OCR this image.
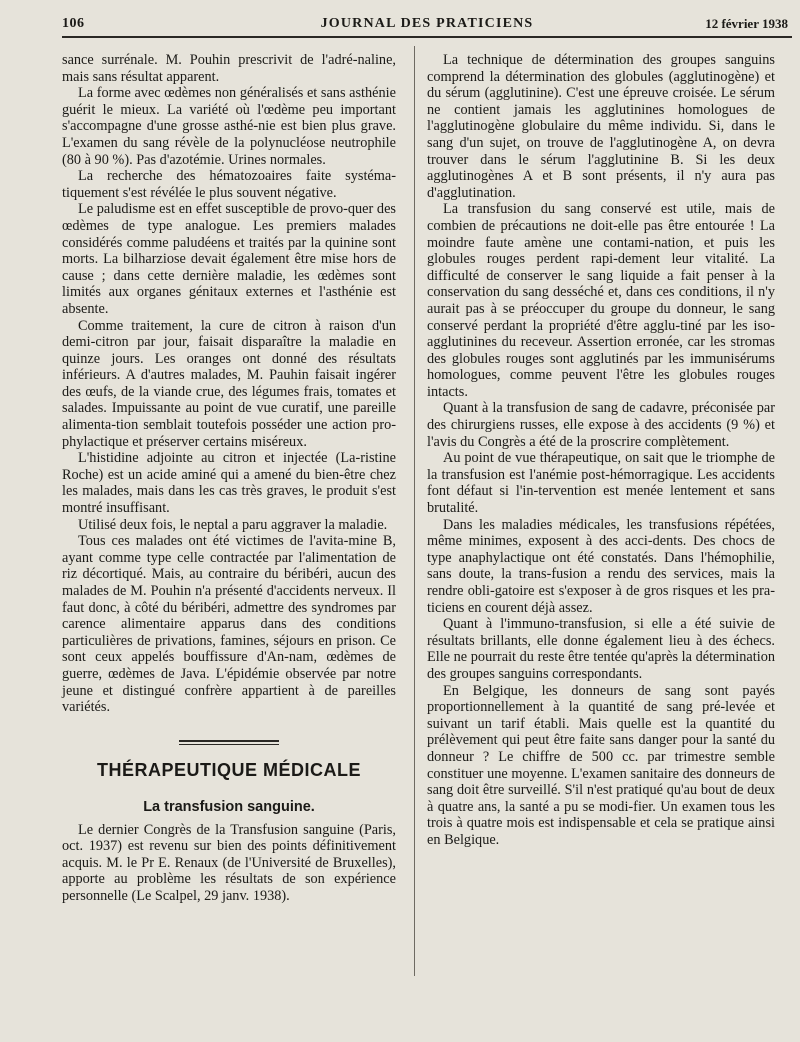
106	JOURNAL DES PRATICIENS	12 février 1938

sance surrénale. M. Pouhin prescrivit de l'adré-naline, mais sans résultat apparent.

La forme avec œdèmes non généralisés et sans asthénie guérit le mieux. La variété où l'œdème peu important s'accompagne d'une grosse asthé-nie est bien plus grave. L'examen du sang révèle de la polynucléose neutrophile (80 à 90 %). Pas d'azotémie. Urines normales.

La recherche des hématozoaires faite systéma-tiquement s'est révélée le plus souvent négative.

Le paludisme est en effet susceptible de provo-quer des œdèmes de type analogue. Les premiers malades considérés comme paludéens et traités par la quinine sont morts. La bilharziose devait également être mise hors de cause ; dans cette dernière maladie, les œdèmes sont limités aux organes génitaux externes et l'asthénie est absente.

Comme traitement, la cure de citron à raison d'un demi-citron par jour, faisait disparaître la maladie en quinze jours. Les oranges ont donné des résultats inférieurs. A d'autres malades, M. Pauhin faisait ingérer des œufs, de la viande crue, des légumes frais, tomates et salades. Impuissante au point de vue curatif, une pareille alimenta-tion semblait toutefois posséder une action pro-phylactique et préserver certains miséreux.

L'histidine adjointe au citron et injectée (La-ristine Roche) est un acide aminé qui a amené du bien-être chez les malades, mais dans les cas très graves, le produit s'est montré insuffisant.

Utilisé deux fois, le neptal a paru aggraver la maladie.

Tous ces malades ont été victimes de l'avita-mine B, ayant comme type celle contractée par l'alimentation de riz décortiqué. Mais, au contraire du béribéri, aucun des malades de M. Pouhin n'a présenté d'accidents nerveux. Il faut donc, à côté du béribéri, admettre des syndromes par carence alimentaire apparus dans des conditions particulières de privations, famines, séjours en prison. Ce sont ceux appelés bouffissure d'An-nam, œdèmes de guerre, œdèmes de Java. L'épidémie observée par notre jeune et distingué confrère appartient à de pareilles variétés.

THÉRAPEUTIQUE MÉDICALE

La transfusion sanguine.

Le dernier Congrès de la Transfusion sanguine (Paris, oct. 1937) est revenu sur bien des points définitivement acquis. M. le Pr E. Renaux (de l'Université de Bruxelles), apporte au problème les résultats de son expérience personnelle (Le Scalpel, 29 janv. 1938).

La technique de détermination des groupes sanguins comprend la détermination des globules (agglutinogène) et du sérum (agglutinine). C'est une épreuve croisée. Le sérum ne contient jamais les agglutinines homologues de l'agglutinogène globulaire du même individu. Si, dans le sang d'un sujet, on trouve de l'agglutinogène A, on devra trouver dans le sérum l'agglutinine B. Si les deux agglutinogènes A et B sont présents, il n'y aura pas d'agglutination.

La transfusion du sang conservé est utile, mais de combien de précautions ne doit-elle pas être entourée ! La moindre faute amène une contami-nation, et puis les globules rouges perdent rapi-dement leur vitalité. La difficulté de conserver le sang liquide a fait penser à la conservation du sang desséché et, dans ces conditions, il n'y aurait pas à se préoccuper du groupe du donneur, le sang conservé perdant la propriété d'être agglu-tiné par les iso-agglutinines du receveur. Assertion erronée, car les stromas des globules rouges sont agglutinés par les immunisérums homologues, comme peuvent l'être les globules rouges intacts.

Quant à la transfusion de sang de cadavre, préconisée par des chirurgiens russes, elle expose à des accidents (9 %) et l'avis du Congrès a été de la proscrire complètement.

Au point de vue thérapeutique, on sait que le triomphe de la transfusion est l'anémie post-hémorragique. Les accidents font défaut si l'in-tervention est menée lentement et sans brutalité.

Dans les maladies médicales, les transfusions répétées, même minimes, exposent à des acci-dents. Des chocs de type anaphylactique ont été constatés. Dans l'hémophilie, sans doute, la trans-fusion a rendu des services, mais la rendre obli-gatoire est s'exposer à de gros risques et les pra-ticiens en courent déjà assez.

Quant à l'immuno-transfusion, si elle a été suivie de résultats brillants, elle donne également lieu à des échecs. Elle ne pourrait du reste être tentée qu'après la détermination des groupes sanguins correspondants.

En Belgique, les donneurs de sang sont payés proportionnellement à la quantité de sang pré-levée et suivant un tarif établi. Mais quelle est la quantité du prélèvement qui peut être faite sans danger pour la santé du donneur ? Le chiffre de 500 cc. par trimestre semble constituer une moyenne. L'examen sanitaire des donneurs de sang doit être surveillé. S'il n'est pratiqué qu'au bout de deux à quatre ans, la santé a pu se modi-fier. Un examen tous les trois à quatre mois est indispensable et cela se pratique ainsi en Belgique.
